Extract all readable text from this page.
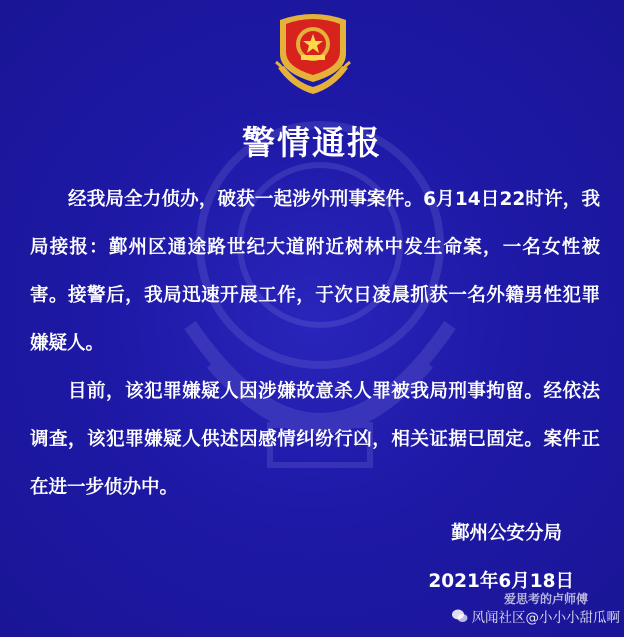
警情通报

经我局全力侦办，破获一起涉外刑事案件。6月14日22时许，我局接报：鄞州区通途路世纪大道附近树林中发生命案，一名女性被害。接警后，我局迅速开展工作，于次日凌晨抓获一名外籍男性犯罪嫌疑人。

目前，该犯罪嫌疑人因涉嫌故意杀人罪被我局刑事拘留。经依法调查，该犯罪嫌疑人供述因感情纠纷行凶，相关证据已固定。案件正在进一步侦办中。

鄞州公安分局
2021年6月18日
爱思考的卢师傅
风闻社区@小小小甜瓜啊
